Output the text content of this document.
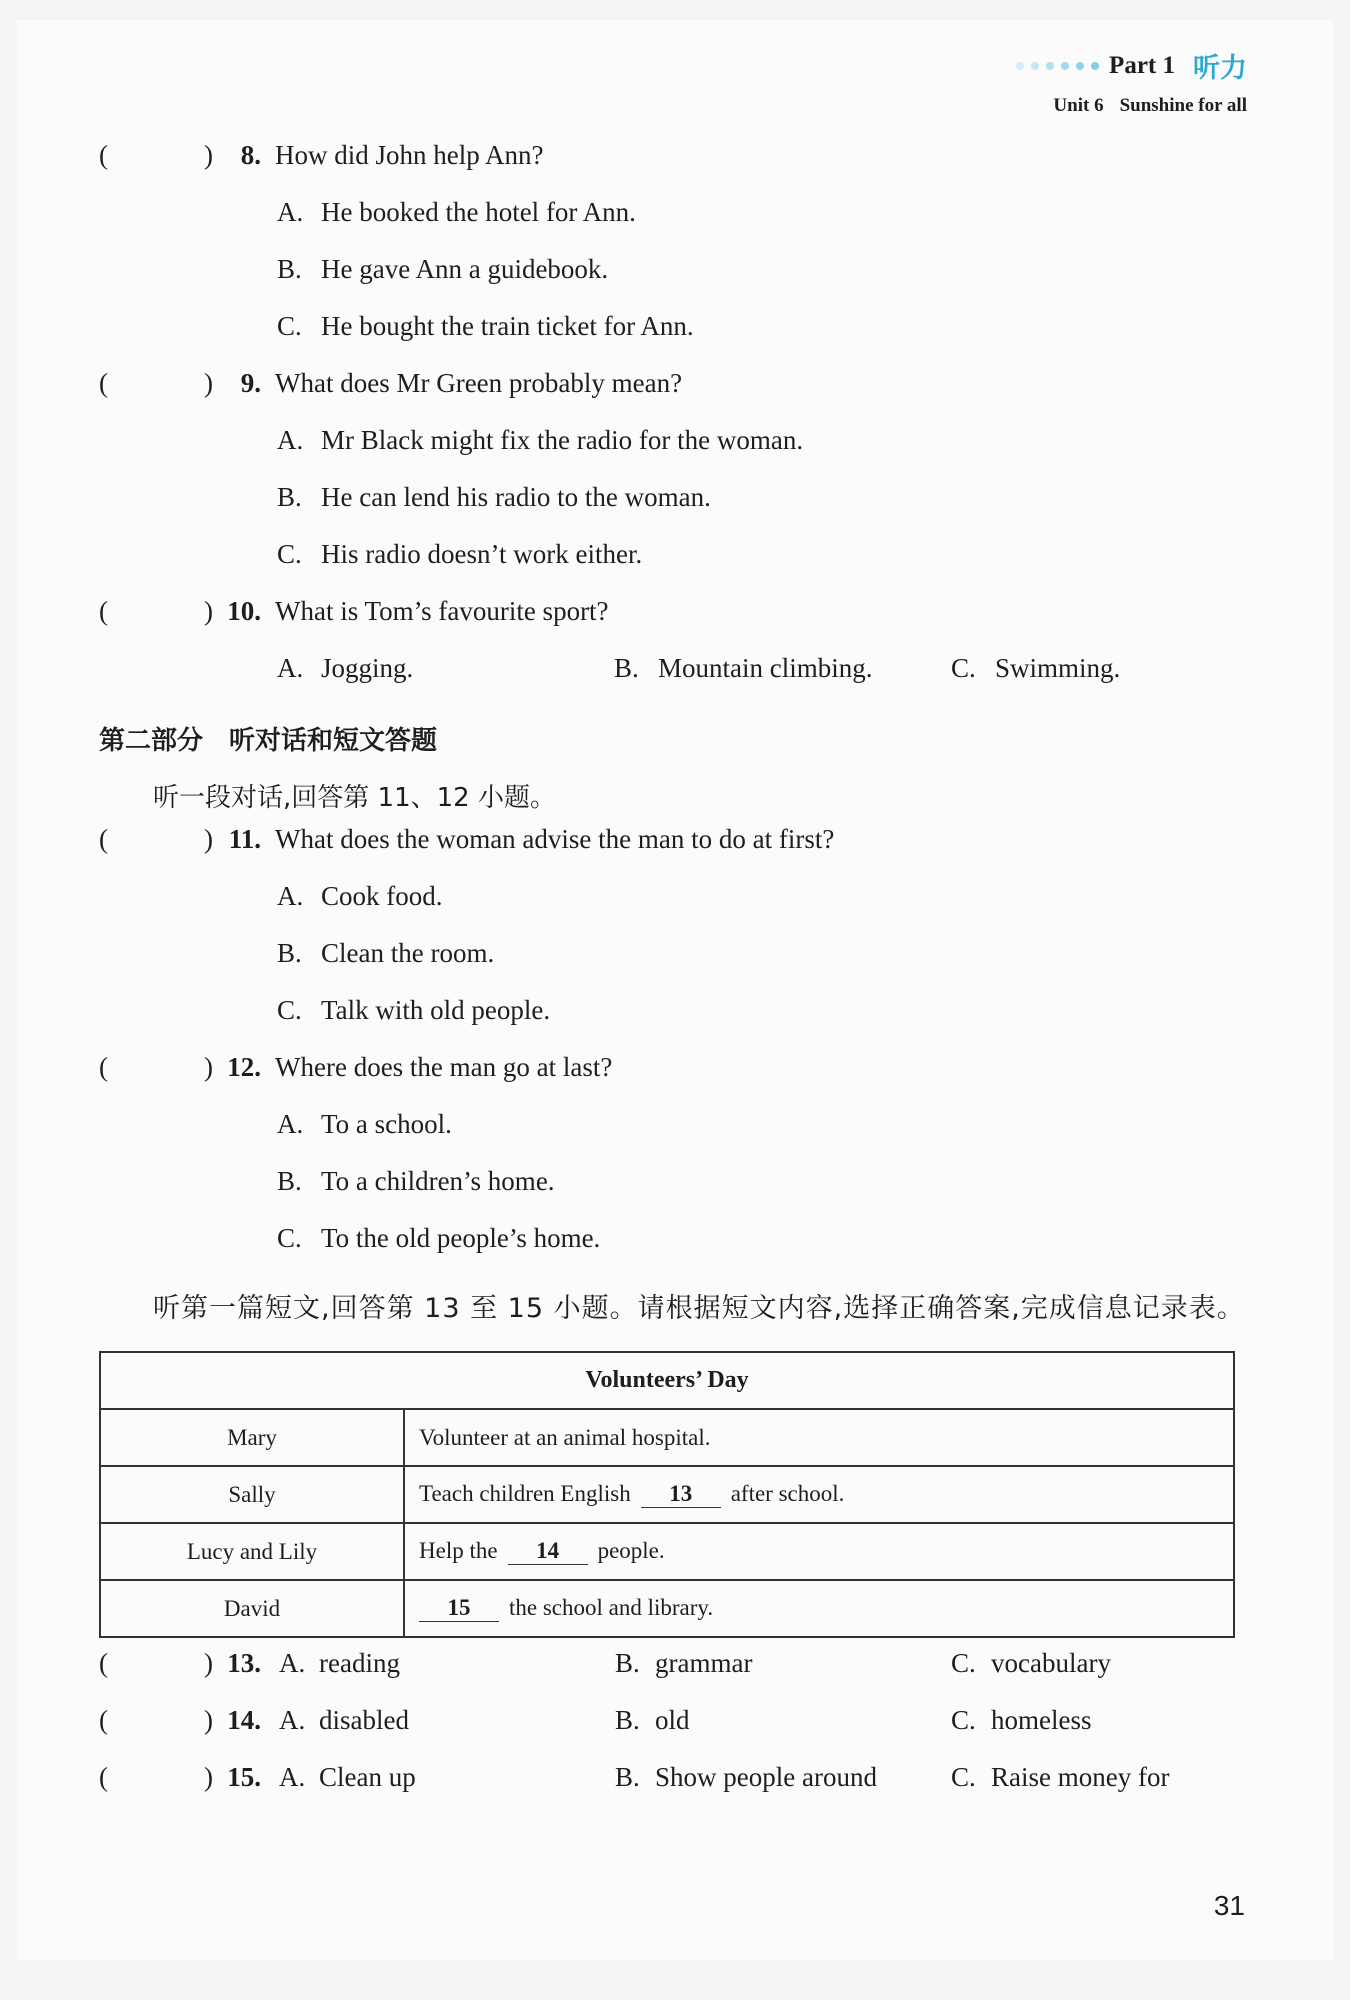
Part 1 听力
Unit 6 Sunshine for all
(	)	8. How did John help Ann?
A. He booked the hotel for Ann.
B. He gave Ann a guidebook.
C. He bought the train ticket for Ann.
(	)	9. What does Mr Green probably mean?
A. Mr Black might fix the radio for the woman.
B. He can lend his radio to the woman.
C. His radio doesn’t work either.
(	) 10. What is Tom’s favourite sport?
A. Jogging.	B. Mountain climbing.	C. Swimming.
第二部分　听对话和短文答题
听一段对话,回答第 11、12 小题。
(	) 11. What does the woman advise the man to do at first?
A. Cook food.
B. Clean the room.
C. Talk with old people.
(	) 12. Where does the man go at last?
A. To a school.
B. To a children’s home.
C. To the old people’s home.

听第一篇短文,回答第 13 至 15 小题。请根据短文内容,选择正确答案,完成信息记录表。

Volunteers’ Day	
Mary	Volunteer at an animal hospital.
Sally	Teach children English 13 after school.
Lucy and Lily	Help the 14 people.
David	15 the school and library.
(	) 13. A. reading	B. grammar	C. vocabulary
(	) 14. A. disabled	B. old	C. homeless
(	) 15. A. Clean up	B. Show people around	C. Raise money for
31
